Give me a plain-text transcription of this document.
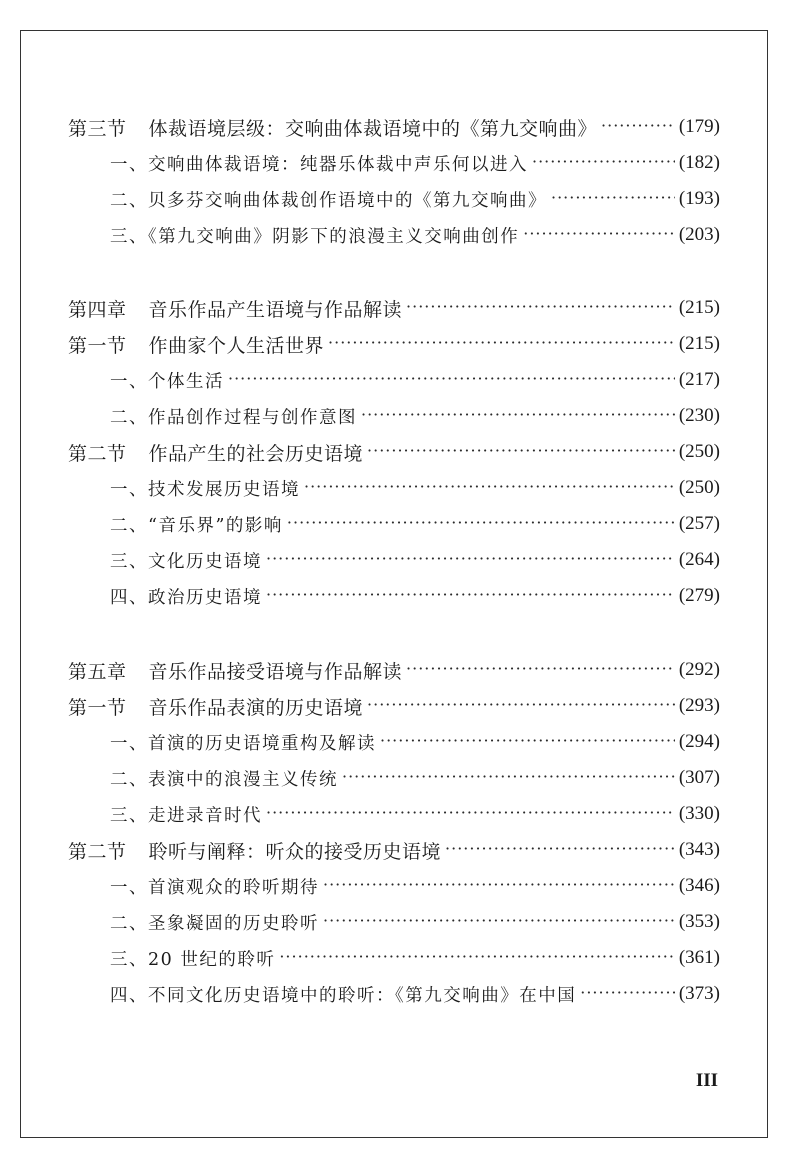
第三节 体裁语境层级：交响曲体裁语境中的《第九交响曲》 ·····	(179)
一、交响曲体裁语境：纯器乐体裁中声乐何以进入 ·····	(182)
二、贝多芬交响曲体裁创作语境中的《第九交响曲》 ·····	(193)
三、《第九交响曲》阴影下的浪漫主义交响曲创作 ·····	(203)
第四章 音乐作品产生语境与作品解读 ·····	(215)
第一节 作曲家个人生活世界 ·····	(215)
一、个体生活 ·····	(217)
二、作品创作过程与创作意图 ·····	(230)
第二节 作品产生的社会历史语境 ·····	(250)
一、技术发展历史语境 ·····	(250)
二、“音乐界”的影响 ·····	(257)
三、文化历史语境 ·····	(264)
四、政治历史语境 ·····	(279)
第五章 音乐作品接受语境与作品解读 ·····	(292)
第一节 音乐作品表演的历史语境 ·····	(293)
一、首演的历史语境重构及解读 ·····	(294)
二、表演中的浪漫主义传统 ·····	(307)
三、走进录音时代 ·····	(330)
第二节 聆听与阐释：听众的接受历史语境 ·····	(343)
一、首演观众的聆听期待 ·····	(346)
二、圣象凝固的历史聆听 ·····	(353)
三、20 世纪的聆听 ·····	(361)
四、不同文化历史语境中的聆听：《第九交响曲》在中国 ·····	(373)
III
